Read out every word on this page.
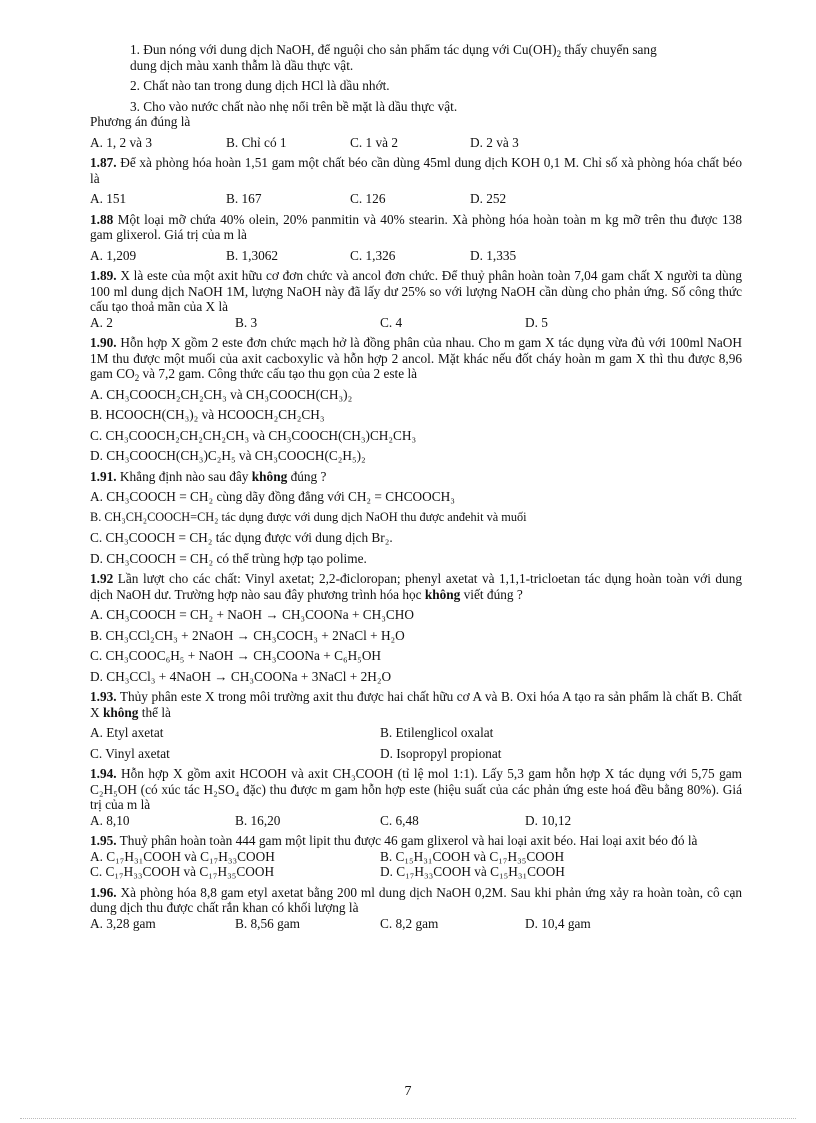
1. Đun nóng với dung dịch NaOH, để nguội cho sản phẩm tác dụng với $Cu(OH)_2$ thấy chuyển sang
dung dịch màu xanh thẫm là dầu thực vật.

2. Chất nào tan trong dung dịch HCl là dầu nhớt.

3. Cho vào nước chất nào nhẹ nổi trên bề mặt là dầu thực vật.

Phương án đúng là

A. 1, 2 và 3	B. Chỉ có 1	C. 1 và 2	D. 2 và 3

1.87. Để xà phòng hóa hoàn 1,51 gam một chất béo cần dùng 45ml dung dịch KOH 0,1 M. Chỉ số xà phòng hóa chất béo là

A. 151	B. 167	C. 126	D. 252

1.88 Một loại mỡ chứa 40% olein, 20% panmitin và 40% stearin. Xà phòng hóa hoàn toàn m kg mỡ trên thu được 138 gam glixerol. Giá trị của m là

A. 1,209	B. 1,3062	C. 1,326	D. 1,335

1.89. X là este của một axit hữu cơ đơn chức và ancol đơn chức. Để thuỷ phân hoàn toàn 7,04 gam chất X người ta dùng 100 ml dung dịch NaOH 1M, lượng NaOH này đã lấy dư 25% so với lượng NaOH cần dùng cho phản ứng. Số công thức cấu tạo thoả mãn của X là

A. 2	B. 3	C. 4	D. 5

1.90. Hỗn hợp X gồm 2 este đơn chức mạch hở là đồng phân của nhau. Cho m gam X tác dụng vừa đủ với 100ml NaOH 1M thu được một muối của axit cacboxylic và hỗn hợp 2 ancol. Mặt khác nếu đốt cháy hoàn m gam X thì thu được 8,96 gam $CO_2$ và 7,2 gam. Công thức cấu tạo thu gọn của 2 este là

A. CH₃COOCH₂CH₂CH₃ và CH₃COOCH(CH₃)₂

B. HCOOCH(CH₃)₂ và HCOOCH₂CH₂CH₃

C. CH₃COOCH₂CH₂CH₂CH₃ và CH₃COOCH(CH₃)CH₂CH₃

D. CH₃COOCH(CH₃)C₂H₅ và CH₃COOCH(C₂H₅)₂

1.91. Khẳng định nào sau đây không đúng ?

A. CH₃COOCH = CH₂ cùng dãy đồng đẳng với CH₂ = CHCOOCH₃

B. CH₃CH₂COOCH=CH₂ tác dụng được với dung dịch NaOH thu được anđehit và muối

C. CH₃COOCH = CH₂ tác dụng được với dung dịch Br₂.

D. CH₃COOCH = CH₂ có thể trùng hợp tạo polime.

1.92 Lần lượt cho các chất: Vinyl axetat; 2,2-đicloropan; phenyl axetat và 1,1,1-tricloetan tác dụng hoàn toàn với dung dịch NaOH dư. Trường hợp nào sau đây phương trình hóa học không viết đúng ?

A. CH₃COOCH = CH₂ + NaOH → CH₃COONa + CH₃CHO

B. CH₃CCl₂CH₃ + 2NaOH → CH₃COCH₃ + 2NaCl + H₂O

C. CH₃COOC₆H₅ + NaOH → CH₃COONa + C₆H₅OH

D. CH₃CCl₃ + 4NaOH → CH₃COONa + 3NaCl + 2H₂O

1.93. Thủy phân este X trong môi trường axit thu được hai chất hữu cơ A và B. Oxi hóa A tạo ra sản phẩm là chất B. Chất X không thể là

A. Etyl axetat	B. Etilenglicol oxalat
C. Vinyl axetat	D. Isopropyl propionat

1.94. Hỗn hợp X gồm axit HCOOH và axit CH₃COOH (tỉ lệ mol 1:1). Lấy 5,3 gam hỗn hợp X tác dụng với 5,75 gam C₂H₅OH (có xúc tác H₂SO₄ đặc) thu được m gam hỗn hợp este (hiệu suất của các phản ứng este hoá đều bằng 80%). Giá trị của m là

A. 8,10	B. 16,20	C. 6,48	D. 10,12

1.95. Thuỷ phân hoàn toàn 444 gam một lipit thu được 46 gam glixerol và hai loại axit béo. Hai loại axit béo đó là

A. C₁₇H₃₁COOH và C₁₇H₃₃COOH	B. C₁₅H₃₁COOH và C₁₇H₃₅COOH
C. C₁₇H₃₃COOH và C₁₇H₃₅COOH	D. C₁₇H₃₃COOH và C₁₅H₃₁COOH

1.96. Xà phòng hóa 8,8 gam etyl axetat bằng 200 ml dung dịch NaOH 0,2M. Sau khi phản ứng xảy ra hoàn toàn, cô cạn dung dịch thu được chất rắn khan có khối lượng là

A. 3,28 gam	B. 8,56 gam	C. 8,2 gam	D. 10,4 gam
7
